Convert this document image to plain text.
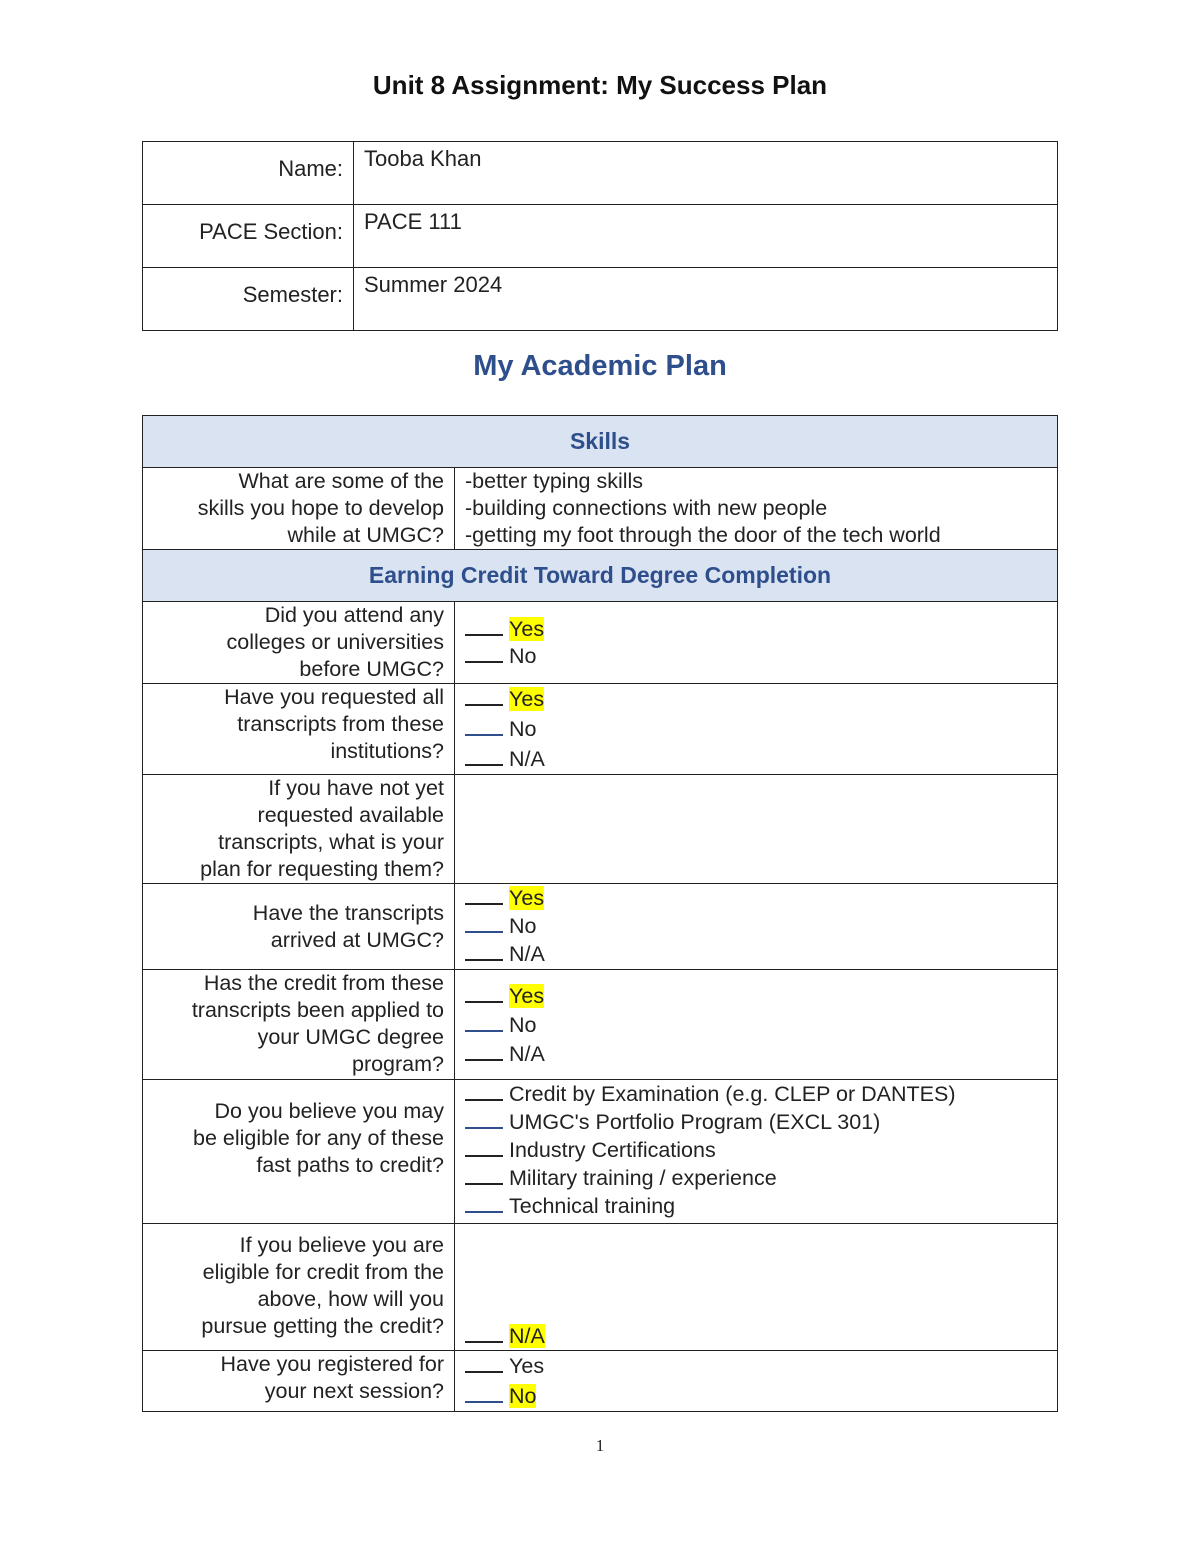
Unit 8 Assignment: My Success Plan
Name:	Tooba Khan

PACE Section:	PACE 111

Semester:	Summer 2024
My Academic Plan
Skills	

What are some of the
skills you hope to develop
while at UMGC?	-better typing skills
-building connections with new people
-getting my foot through the door of the tech world

Earning Credit Toward Degree Completion	

Did you attend any
colleges or universities
before UMGC?	Yes
No

Have you requested all
transcripts from these
institutions?	Yes
No
N/A

If you have not yet
requested available
transcripts, what is your
plan for requesting them?	

Have the transcripts
arrived at UMGC?	Yes
No
N/A

Has the credit from these
transcripts been applied to
your UMGC degree
program?	Yes
No
N/A

Do you believe you may
be eligible for any of these
fast paths to credit?	Credit by Examination (e.g. CLEP or DANTES)
UMGC's Portfolio Program (EXCL 301)
Industry Certifications
Military training / experience
Technical training

If you believe you are
eligible for credit from the
above, how will you
pursue getting the credit?	N/A

Have you registered for
your next session?	Yes
No
1
